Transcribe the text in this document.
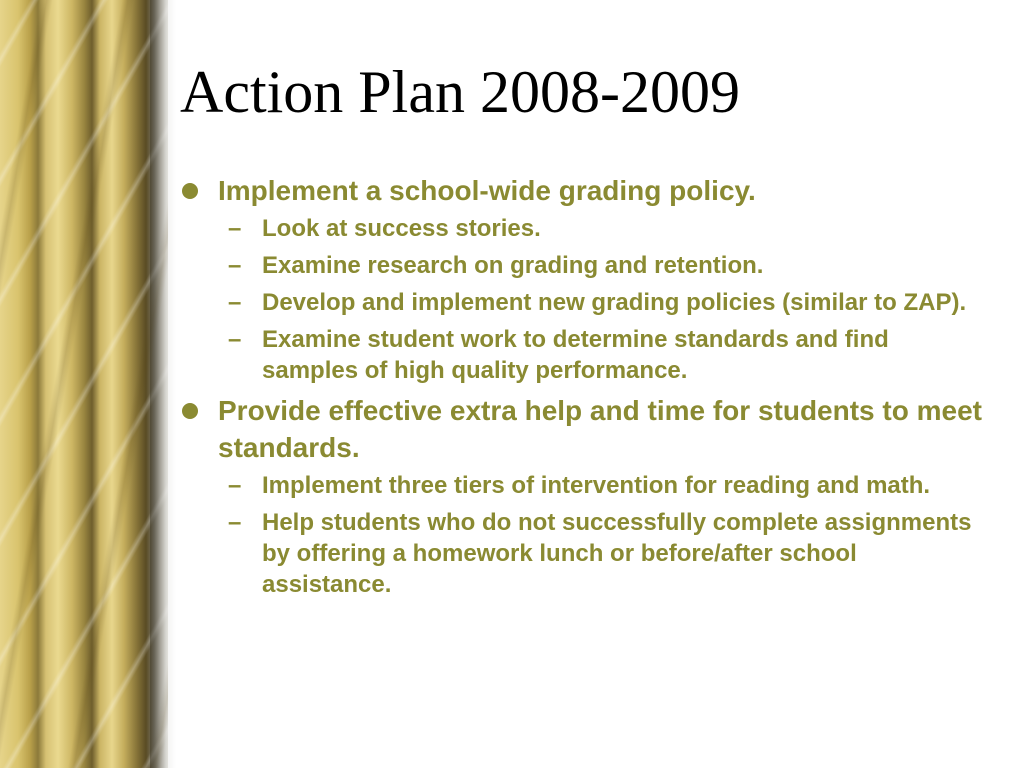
Action Plan 2008-2009
Implement a school-wide grading policy.
– Look at success stories.
– Examine research on grading and retention.
– Develop and implement new grading policies (similar to ZAP).
– Examine student work to determine standards and find samples of high quality performance.
Provide effective extra help and time for students to meet standards.
– Implement three tiers of intervention for reading and math.
– Help students who do not successfully complete assignments by offering a homework lunch or before/after school assistance.
